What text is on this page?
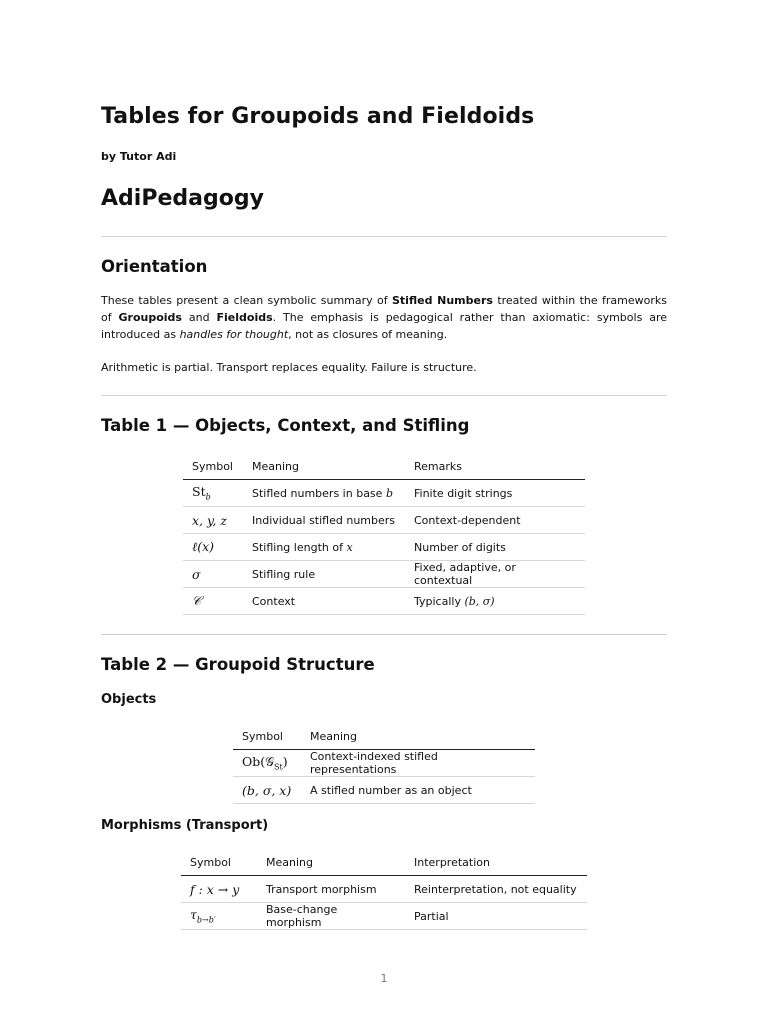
Tables for Groupoids and Fieldoids
by Tutor Adi
AdiPedagogy
Orientation

These tables present a clean symbolic summary of Stifled Numbers treated within the frameworks of Groupoids and Fieldoids. The emphasis is pedagogical rather than axiomatic: symbols are introduced as handles for thought, not as closures of meaning.

Arithmetic is partial. Transport replaces equality. Failure is structure.

Table 1 — Objects, Context, and Stifling
Symbol	Meaning	Remarks
$St_b$	Stifled numbers in base b	Finite digit strings
x, y, z	Individual stifled numbers	Context-dependent
ℓ(x)	Stifling length of x	Number of digits
σ	Stifling rule	Fixed, adaptive, or contextual
𝒞	Context	Typically (b, σ)
Table 2 — Groupoid Structure
Objects
Symbol	Meaning
Ob(𝒢$_{St}$)	Context-indexed stifled representations
(b, σ, x)	A stifled number as an object
Morphisms (Transport)
Symbol	Meaning	Interpretation
f : x → y	Transport morphism	Reinterpretation, not equality
$\tau_{b\to b'}$	Base-change morphism	Partial
1
